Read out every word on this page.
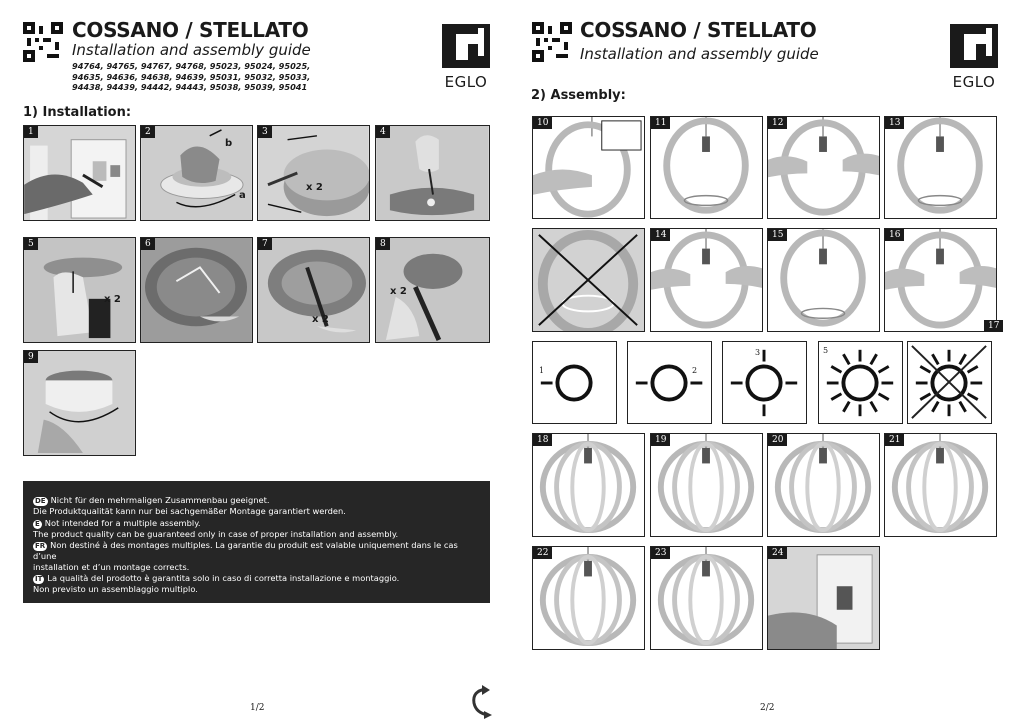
COSSANO / STELLATO
Installation and assembly guide
94764, 94765, 94767, 94768, 95023, 95024, 95025,
94635, 94636, 94638, 94639, 95031, 95032, 95033,
94438, 94439, 94442, 94443, 95038, 95039, 95041	EGLO
1) Installation:
1	2
b
a
3
x 2
4
5
x 2
6	7
x 2
8
x 2
9

DE Nicht für den mehrmaligen Zusammenbau geeignet.
Die Produktqualität kann nur bei sachgemäßer Montage garantiert werden.

E Not intended for a multiple assembly.
The product quality can be guaranteed only in case of proper installation and assembly.

FR Non destiné à des montages multiples. La garantie du produit est valable uniquement dans le cas d’une
installation et d’un montage corrects.

IT La qualità del prodotto è garantita solo in caso di corretta installazione e montaggio.
Non previsto un assemblaggio multiplo.

1/2
COSSANO / STELLATO
Installation and assembly guide
EGLO
2) Assembly:
10	11	12	13
14	15	16
18	19	20	21
22	23	24
1	2
3	5
17
2/2
